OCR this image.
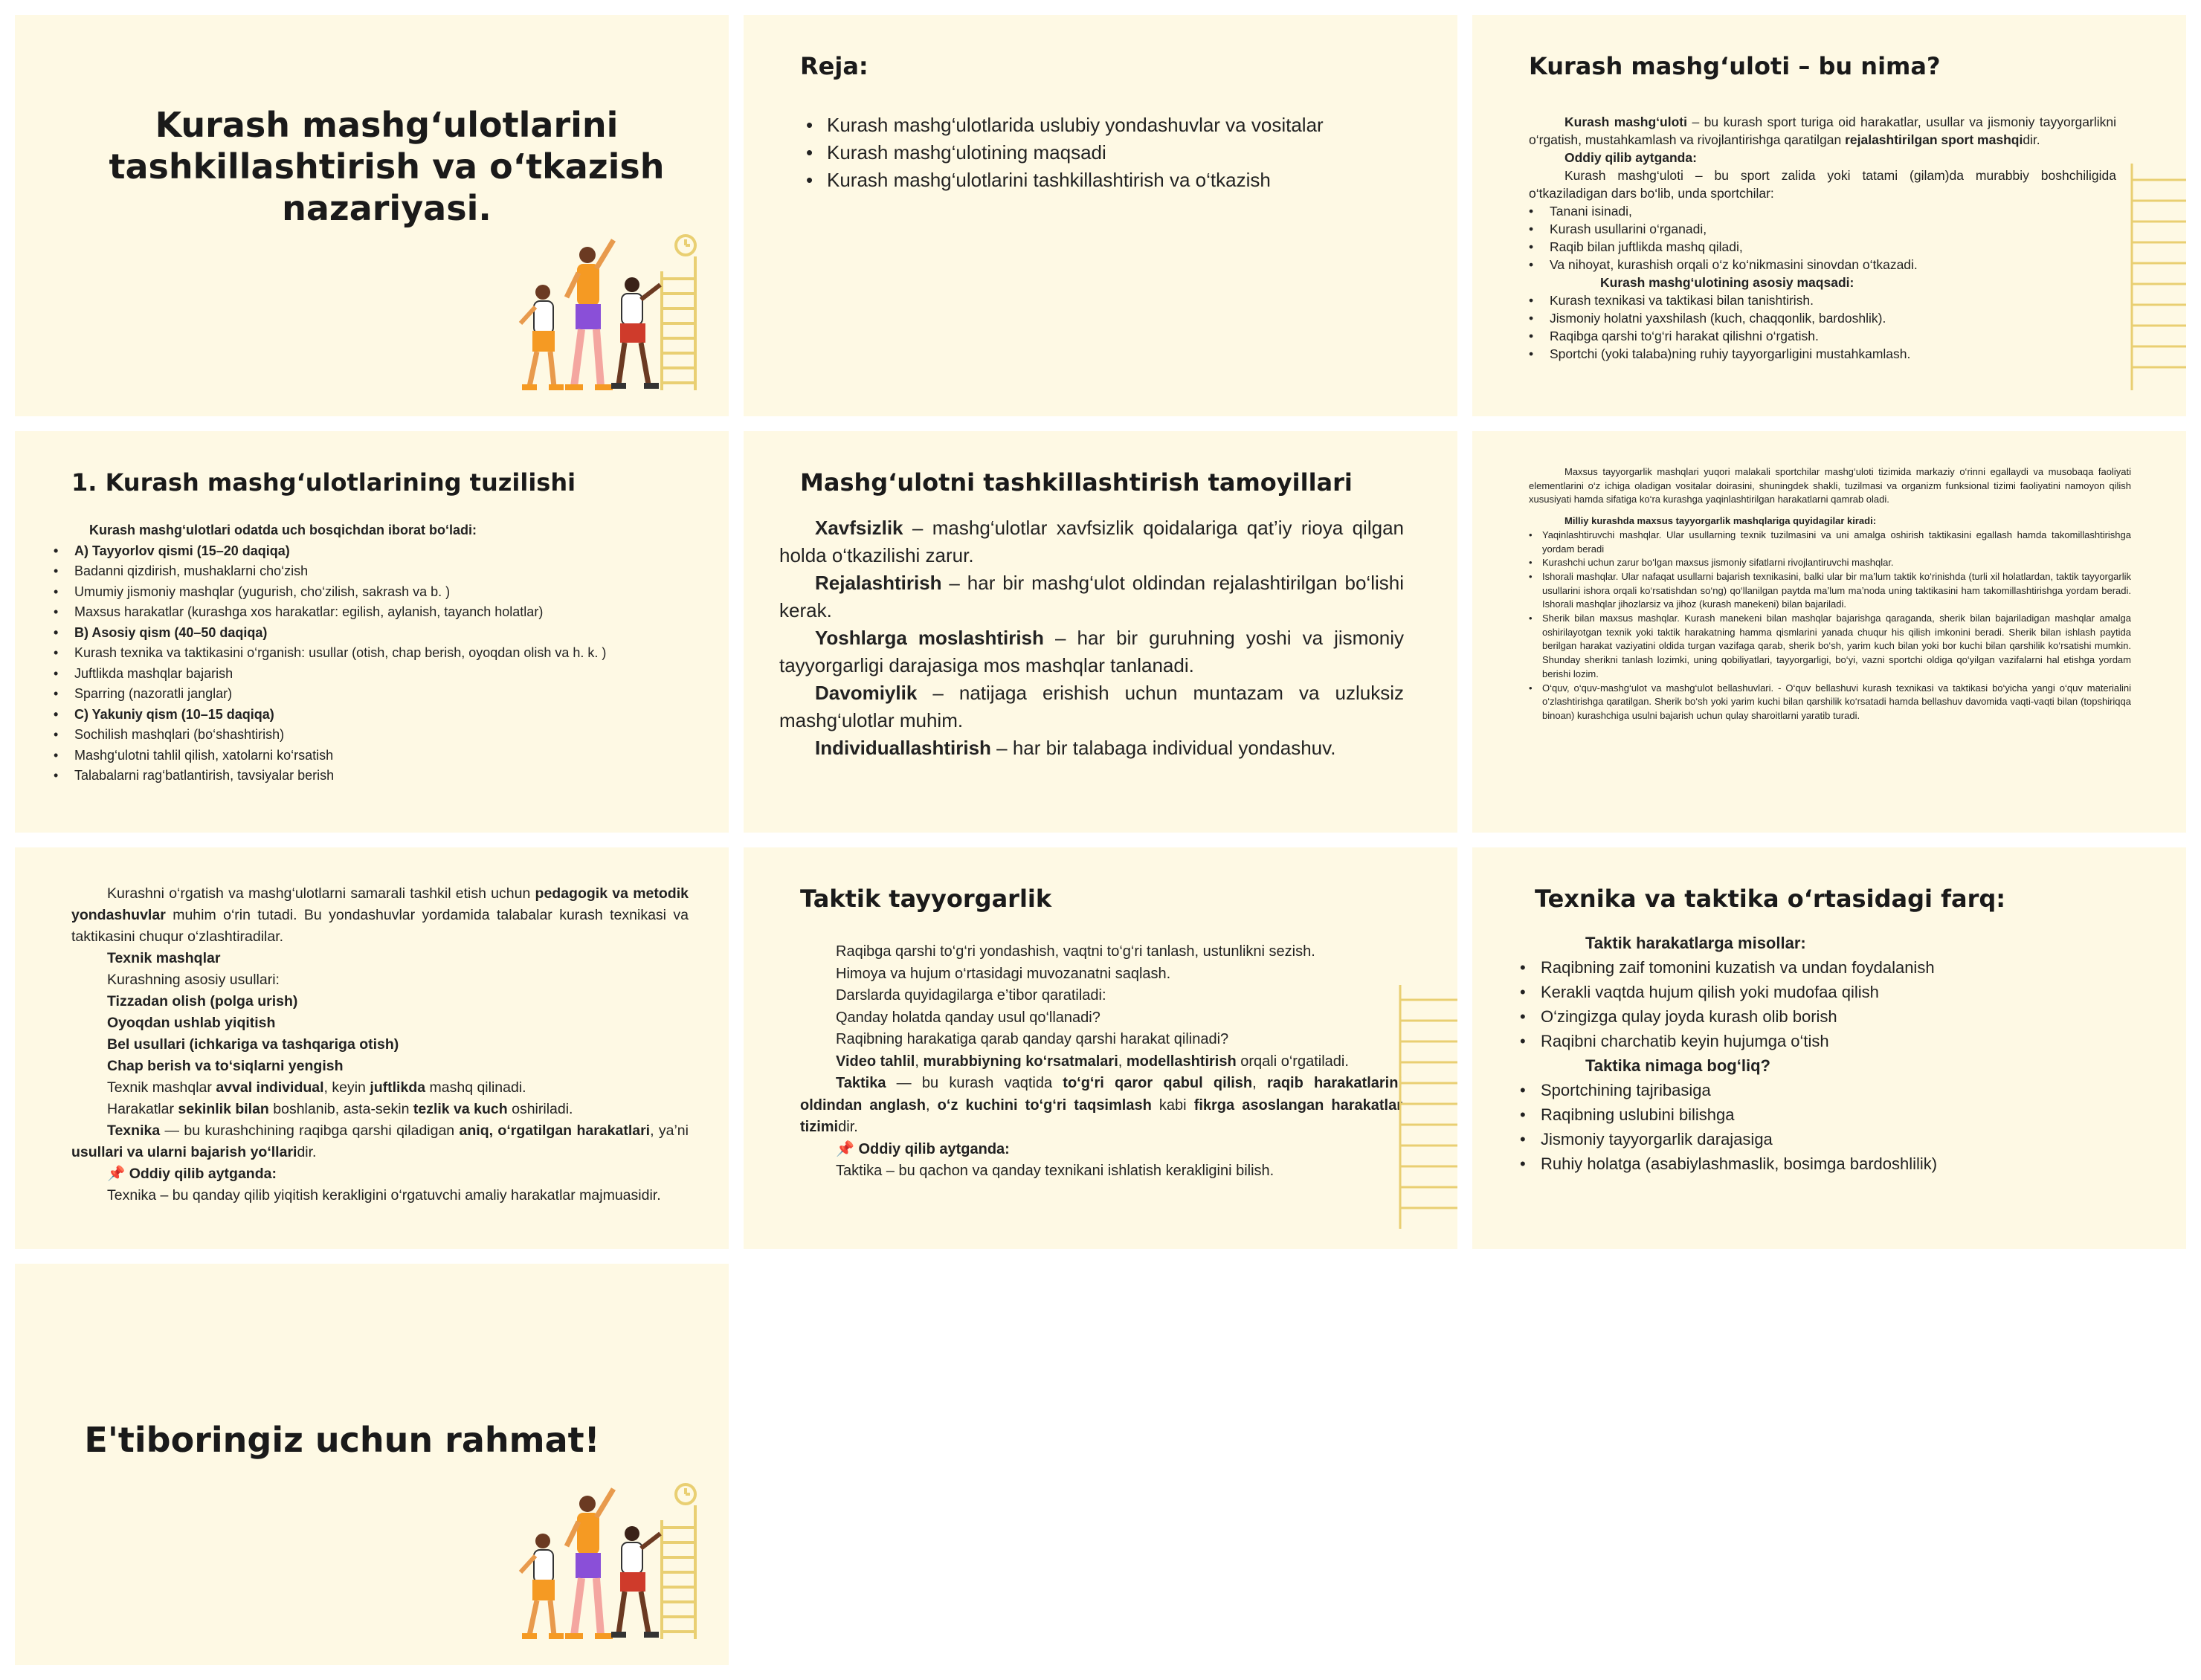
Kurash mashg‘ulotlarini tashkillashtirish va o‘tkazish nazariyasi.
Reja:
• Kurash mashg‘ulotlarida uslubiy yondashuvlar va vositalar
• Kurash mashg‘ulotining maqsadi
• Kurash mashg‘ulotlarini tashkillashtirish va o‘tkazish
Kurash mashg‘uloti – bu nima?

Kurash mashg‘uloti – bu kurash sport turiga oid harakatlar, usullar va jismoniy tayyorgarlikni o‘rgatish, mustahkamlash va rivojlantirishga qaratilgan rejalashtirilgan sport mashqidir.

Oddiy qilib aytganda:

Kurash mashg‘uloti – bu sport zalida yoki tatami (gilam)da murabbiy boshchiligida o‘tkaziladigan dars bo‘lib, unda sportchilar:

• Tanani isinadi,
• Kurash usullarini o‘rganadi,
• Raqib bilan juftlikda mashq qiladi,
• Va nihoyat, kurashish orqali o‘z ko‘nikmasini sinovdan o‘tkazadi.

Kurash mashg‘ulotining asosiy maqsadi:

• Kurash texnikasi va taktikasi bilan tanishtirish.
• Jismoniy holatni yaxshilash (kuch, chaqqonlik, bardoshlik).
• Raqibga qarshi to‘g‘ri harakat qilishni o‘rgatish.
• Sportchi (yoki talaba)ning ruhiy tayyorgarligini mustahkamlash.
1. Kurash mashg‘ulotlarining tuzilishi

Kurash mashg‘ulotlari odatda uch bosqichdan iborat bo‘ladi:

• A) Tayyorlov qismi (15–20 daqiqa)
• Badanni qizdirish, mushaklarni cho‘zish
• Umumiy jismoniy mashqlar (yugurish, cho‘zilish, sakrash va b. )
• Maxsus harakatlar (kurashga xos harakatlar: egilish, aylanish, tayanch holatlar)
• B) Asosiy qism (40–50 daqiqa)
• Kurash texnika va taktikasini o‘rganish: usullar (otish, chap berish, oyoqdan olish va h. k. )
• Juftlikda mashqlar bajarish
• Sparring (nazoratli janglar)
• C) Yakuniy qism (10–15 daqiqa)
• Sochilish mashqlari (bo‘shashtirish)
• Mashg‘ulotni tahlil qilish, xatolarni ko‘rsatish
• Talabalarni rag‘batlantirish, tavsiyalar berish
Mashg‘ulotni tashkillashtirish tamoyillari

Xavfsizlik – mashg‘ulotlar xavfsizlik qoidalariga qat’iy rioya qilgan holda o‘tkazilishi zarur.

Rejalashtirish – har bir mashg‘ulot oldindan rejalashtirilgan bo‘lishi kerak.

Yoshlarga moslashtirish – har bir guruhning yoshi va jismoniy tayyorgarligi darajasiga mos mashqlar tanlanadi.

Davomiylik – natijaga erishish uchun muntazam va uzluksiz mashg‘ulotlar muhim.

Individuallashtirish – har bir talabaga individual yondashuv.

Maxsus tayyorgarlik mashqlari yuqori malakali sportchilar mashg‘uloti tizimida markaziy o‘rinni egallaydi va musobaqa faoliyati elementlarini o‘z ichiga oladigan vositalar doirasini, shuningdek shakli, tuzilmasi va organizm funksional tizimi faoliyatini namoyon qilish xususiyati hamda sifatiga ko‘ra kurashga yaqinlashtirilgan harakatlarni qamrab oladi.

Milliy kurashda maxsus tayyorgarlik mashqlariga quyidagilar kiradi:

• Yaqinlashtiruvchi mashqlar. Ular usullarning texnik tuzilmasini va uni amalga oshirish taktikasini egallash hamda takomillashtirishga yordam beradi
• Kurashchi uchun zarur bo‘lgan maxsus jismoniy sifatlarni rivojlantiruvchi mashqlar.
• Ishorali mashqlar. Ular nafaqat usullarni bajarish texnikasini, balki ular bir ma’lum taktik ko‘rinishda (turli xil holatlardan, taktik tayyorgarlik usullarini ishora orqali ko‘rsatishdan so‘ng) qo‘llanilgan paytda ma’lum ma’noda uning taktikasini ham takomillashtirishga yordam beradi. Ishorali mashqlar jihozlarsiz va jihoz (kurash manekeni) bilan bajariladi.
• Sherik bilan maxsus mashqlar. Kurash manekeni bilan mashqlar bajarishga qaraganda, sherik bilan bajariladigan mashqlar amalga oshirilayotgan texnik yoki taktik harakatning hamma qismlarini yanada chuqur his qilish imkonini beradi. Sherik bilan ishlash paytida berilgan harakat vaziyatini oldida turgan vazifaga qarab, sherik bo‘sh, yarim kuch bilan yoki bor kuchi bilan qarshilik ko‘rsatishi mumkin. Shunday sherikni tanlash lozimki, uning qobiliyatlari, tayyorgarligi, bo‘yi, vazni sportchi oldiga qo‘yilgan vazifalarni hal etishga yordam berishi lozim.
• O‘quv, o‘quv-mashg‘ulot va mashg‘ulot bellashuvlari. - O‘quv bellashuvi kurash texnikasi va taktikasi bo‘yicha yangi o‘quv materialini o‘zlashtirishga qaratilgan. Sherik bo‘sh yoki yarim kuchi bilan qarshilik ko‘rsatadi hamda bellashuv davomida vaqti-vaqti bilan (topshiriqqa binoan) kurashchiga usulni bajarish uchun qulay sharoitlarni yaratib turadi.

Kurashni o‘rgatish va mashg‘ulotlarni samarali tashkil etish uchun pedagogik va metodik yondashuvlar muhim o‘rin tutadi. Bu yondashuvlar yordamida talabalar kurash texnikasi va taktikasini chuqur o‘zlashtiradilar.

Texnik mashqlar

Kurashning asosiy usullari:

Tizzadan olish (polga urish)

Oyoqdan ushlab yiqitish

Bel usullari (ichkariga va tashqariga otish)

Chap berish va to‘siqlarni yengish

Texnik mashqlar avval individual, keyin juftlikda mashq qilinadi.

Harakatlar sekinlik bilan boshlanib, asta-sekin tezlik va kuch oshiriladi.

Texnika — bu kurashchining raqibga qarshi qiladigan aniq, o‘rgatilgan harakatlari, ya’ni usullari va ularni bajarish yo‘llaridir.

📌 Oddiy qilib aytganda:

Texnika – bu qanday qilib yiqitish kerakligini o‘rgatuvchi amaliy harakatlar majmuasidir.

Taktik tayyorgarlik

Raqibga qarshi to‘g‘ri yondashish, vaqtni to‘g‘ri tanlash, ustunlikni sezish.

Himoya va hujum o‘rtasidagi muvozanatni saqlash.

Darslarda quyidagilarga e’tibor qaratiladi:

Qanday holatda qanday usul qo‘llanadi?

Raqibning harakatiga qarab qanday qarshi harakat qilinadi?

Video tahlil, murabbiyning ko‘rsatmalari, modellashtirish orqali o‘rgatiladi.

Taktika — bu kurash vaqtida to‘g‘ri qaror qabul qilish, raqib harakatlarini oldindan anglash, o‘z kuchini to‘g‘ri taqsimlash kabi fikrga asoslangan harakatlar tizimidir.

📌 Oddiy qilib aytganda:

Taktika – bu qachon va qanday texnikani ishlatish kerakligini bilish.

Texnika va taktika o‘rtasidagi farq:

Taktik harakatlarga misollar:

• Raqibning zaif tomonini kuzatish va undan foydalanish
• Kerakli vaqtda hujum qilish yoki mudofaa qilish
• O‘zingizga qulay joyda kurash olib borish
• Raqibni charchatib keyin hujumga o‘tish

Taktika nimaga bog‘liq?

• Sportchining tajribasiga
• Raqibning uslubini bilishga
• Jismoniy tayyorgarlik darajasiga
• Ruhiy holatga (asabiylashmaslik, bosimga bardoshlilik)
E'tiboringiz uchun rahmat!
